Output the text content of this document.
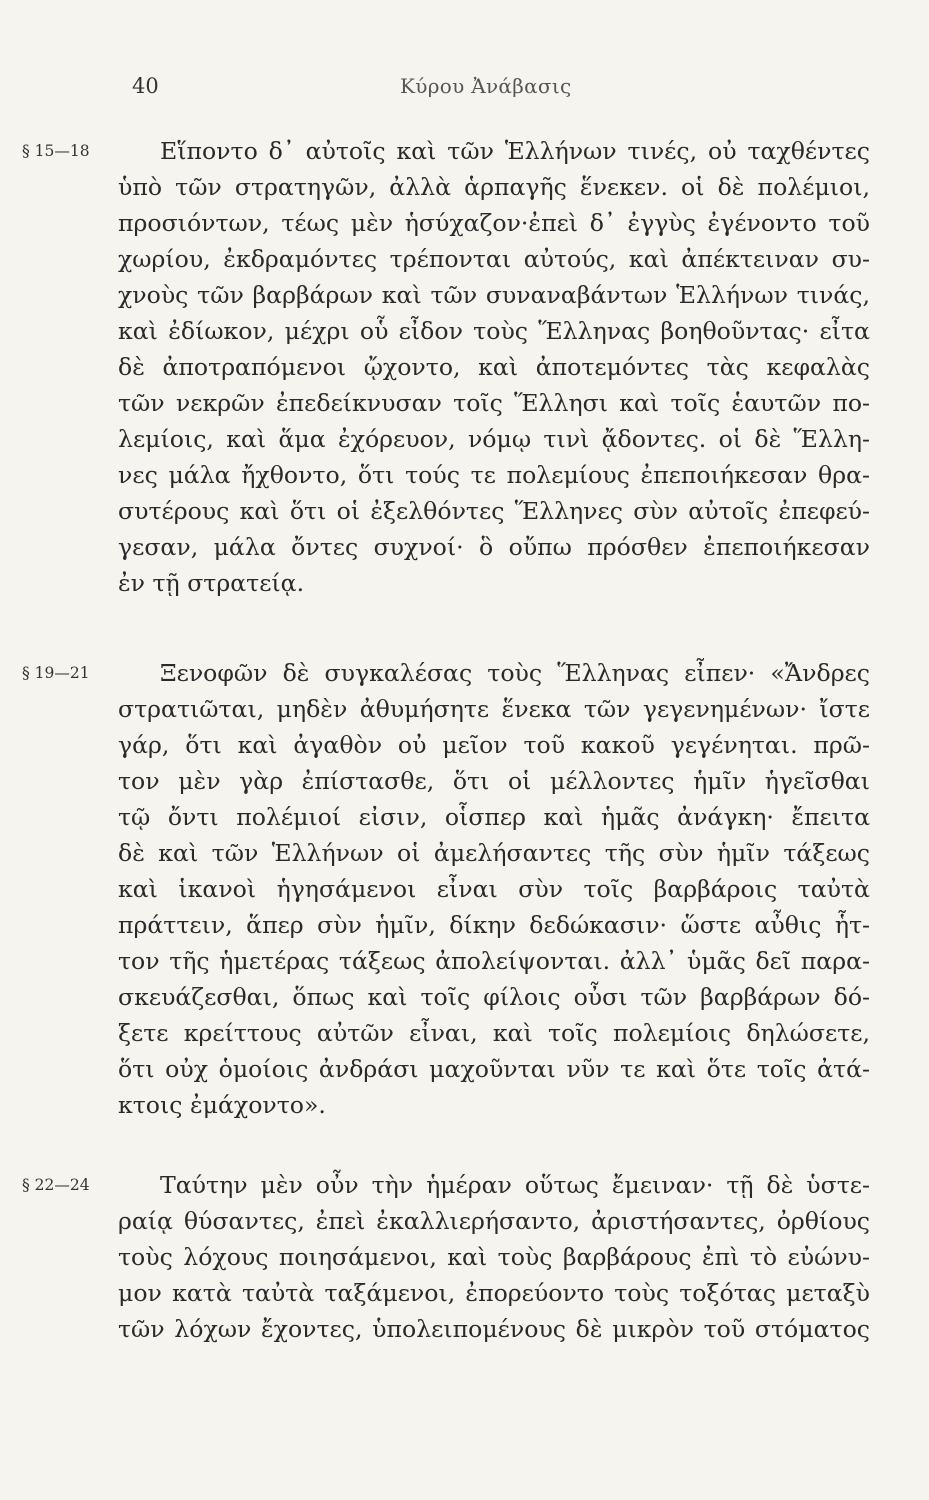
40	Κύρου Ἀνάβασις
§ 15—18	Εἵποντο δ᾽ αὐτοῖς καὶ τῶν Ἑλλήνων τινές, οὐ ταχθέντες
ὑπὸ τῶν στρατηγῶν, ἀλλὰ ἁρπαγῆς ἕνεκεν. οἱ δὲ πολέμιοι,
προσιόντων, τέως μὲν ἡσύχαζον·ἐπεὶ δ᾽ ἐγγὺς ἐγένοντο τοῦ
χωρίου, ἐκδραμόντες τρέπονται αὐτούς, καὶ ἀπέκτειναν συ-
χνοὺς τῶν βαρβάρων καὶ τῶν συναναβάντων Ἑλλήνων τινάς,
καὶ ἐδίωκον, μέχρι οὗ εἶδον τοὺς Ἕλληνας βοηθοῦντας· εἶτα
δὲ ἀποτραπόμενοι ᾤχοντο, καὶ ἀποτεμόντες τὰς κεφαλὰς
τῶν νεκρῶν ἐπεδείκνυσαν τοῖς Ἕλλησι καὶ τοῖς ἑαυτῶν πο-
λεμίοις, καὶ ἅμα ἐχόρευον, νόμῳ τινὶ ᾄδοντες. οἱ δὲ Ἕλλη-
νες μάλα ἤχθοντο, ὅτι τούς τε πολεμίους ἐπεποιήκεσαν θρα-
συτέρους καὶ ὅτι οἱ ἐξελθόντες Ἕλληνες σὺν αὐτοῖς ἐπεφεύ-
γεσαν, μάλα ὄντες συχνοί· ὃ οὔπω πρόσθεν ἐπεποιήκεσαν
ἐν τῇ στρατείᾳ.
§ 19—21	Ξενοφῶν δὲ συγκαλέσας τοὺς Ἕλληνας εἶπεν· «Ἄνδρες
στρατιῶται, μηδὲν ἀθυμήσητε ἕνεκα τῶν γεγενημένων· ἴστε
γάρ, ὅτι καὶ ἀγαθὸν οὐ μεῖον τοῦ κακοῦ γεγένηται. πρῶ-
τον μὲν γὰρ ἐπίστασθε, ὅτι οἱ μέλλοντες ἡμῖν ἡγεῖσθαι
τῷ ὄντι πολέμιοί εἰσιν, οἷσπερ καὶ ἡμᾶς ἀνάγκη· ἔπειτα
δὲ καὶ τῶν Ἑλλήνων οἱ ἀμελήσαντες τῆς σὺν ἡμῖν τάξεως
καὶ ἱκανοὶ ἡγησάμενοι εἶναι σὺν τοῖς βαρβάροις ταὐτὰ
πράττειν, ἅπερ σὺν ἡμῖν, δίκην δεδώκασιν· ὥστε αὖθις ἧτ-
τον τῆς ἡμετέρας τάξεως ἀπολείψονται. ἀλλ᾽ ὑμᾶς δεῖ παρα-
σκευάζεσθαι, ὅπως καὶ τοῖς φίλοις οὖσι τῶν βαρβάρων δό-
ξετε κρείττους αὐτῶν εἶναι, καὶ τοῖς πολεμίοις δηλώσετε,
ὅτι οὐχ ὁμοίοις ἀνδράσι μαχοῦνται νῦν τε καὶ ὅτε τοῖς ἀτά-
κτοις ἐμάχοντο».
§ 22—24	Ταύτην μὲν οὖν τὴν ἡμέραν οὕτως ἔμειναν· τῇ δὲ ὑστε-
ραίᾳ θύσαντες, ἐπεὶ ἐκαλλιερήσαντο, ἀριστήσαντες, ὀρθίους
τοὺς λόχους ποιησάμενοι, καὶ τοὺς βαρβάρους ἐπὶ τὸ εὐώνυ-
μον κατὰ ταὐτὰ ταξάμενοι, ἐπορεύοντο τοὺς τοξότας μεταξὺ
τῶν λόχων ἔχοντες, ὑπολειπομένους δὲ μικρὸν τοῦ στόματος
